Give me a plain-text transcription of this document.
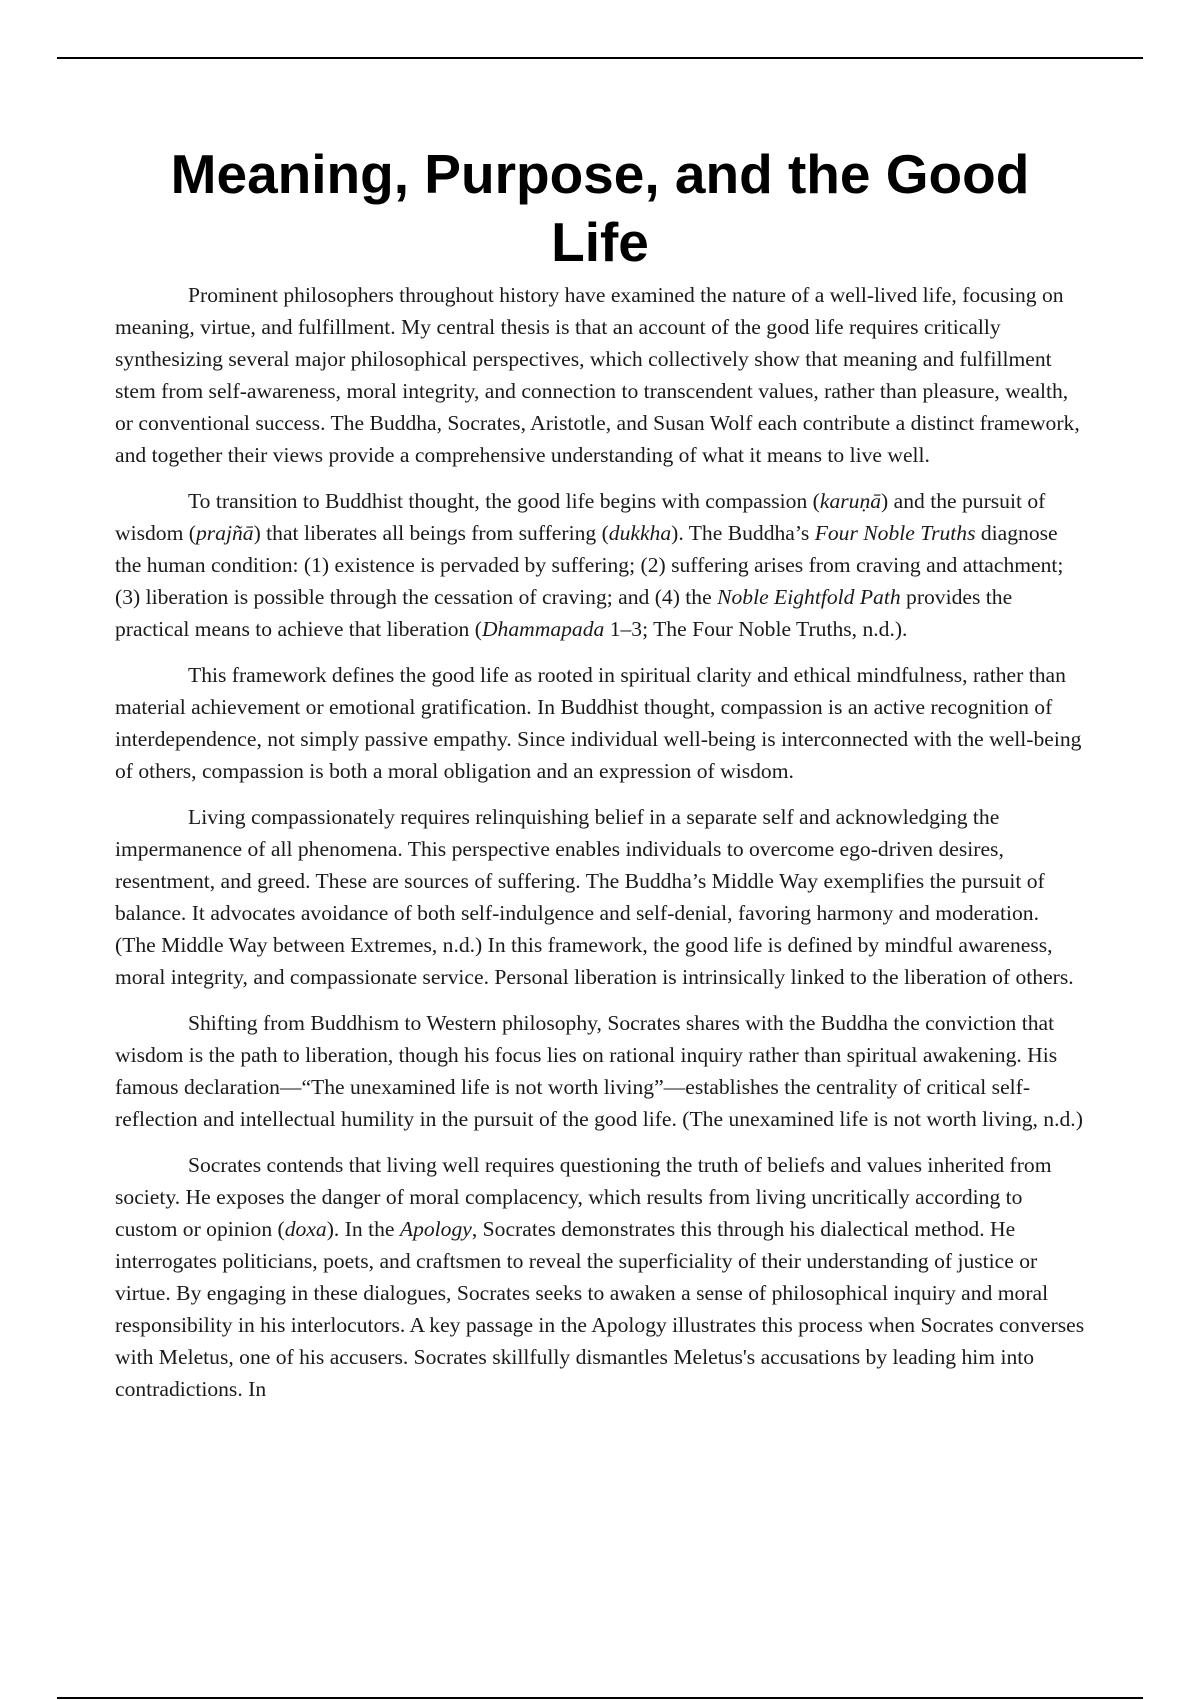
Meaning, Purpose, and the Good Life

Prominent philosophers throughout history have examined the nature of a well-lived life, focusing on meaning, virtue, and fulfillment. My central thesis is that an account of the good life requires critically synthesizing several major philosophical perspectives, which collectively show that meaning and fulfillment stem from self-awareness, moral integrity, and connection to transcendent values, rather than pleasure, wealth, or conventional success. The Buddha, Socrates, Aristotle, and Susan Wolf each contribute a distinct framework, and together their views provide a comprehensive understanding of what it means to live well.

To transition to Buddhist thought, the good life begins with compassion (karuṇā) and the pursuit of wisdom (prajñā) that liberates all beings from suffering (dukkha). The Buddha’s Four Noble Truths diagnose the human condition: (1) existence is pervaded by suffering; (2) suffering arises from craving and attachment; (3) liberation is possible through the cessation of craving; and (4) the Noble Eightfold Path provides the practical means to achieve that liberation (Dhammapada 1–3; The Four Noble Truths, n.d.).

This framework defines the good life as rooted in spiritual clarity and ethical mindfulness, rather than material achievement or emotional gratification. In Buddhist thought, compassion is an active recognition of interdependence, not simply passive empathy. Since individual well-being is interconnected with the well-being of others, compassion is both a moral obligation and an expression of wisdom.

Living compassionately requires relinquishing belief in a separate self and acknowledging the impermanence of all phenomena. This perspective enables individuals to overcome ego-driven desires, resentment, and greed. These are sources of suffering. The Buddha’s Middle Way exemplifies the pursuit of balance. It advocates avoidance of both self-indulgence and self-denial, favoring harmony and moderation. (The Middle Way between Extremes, n.d.) In this framework, the good life is defined by mindful awareness, moral integrity, and compassionate service. Personal liberation is intrinsically linked to the liberation of others.

Shifting from Buddhism to Western philosophy, Socrates shares with the Buddha the conviction that wisdom is the path to liberation, though his focus lies on rational inquiry rather than spiritual awakening. His famous declaration—“The unexamined life is not worth living”—establishes the centrality of critical self-reflection and intellectual humility in the pursuit of the good life. (The unexamined life is not worth living, n.d.)

Socrates contends that living well requires questioning the truth of beliefs and values inherited from society. He exposes the danger of moral complacency, which results from living uncritically according to custom or opinion (doxa). In the Apology, Socrates demonstrates this through his dialectical method. He interrogates politicians, poets, and craftsmen to reveal the superficiality of their understanding of justice or virtue. By engaging in these dialogues, Socrates seeks to awaken a sense of philosophical inquiry and moral responsibility in his interlocutors. A key passage in the Apology illustrates this process when Socrates converses with Meletus, one of his accusers. Socrates skillfully dismantles Meletus's accusations by leading him into contradictions. In
